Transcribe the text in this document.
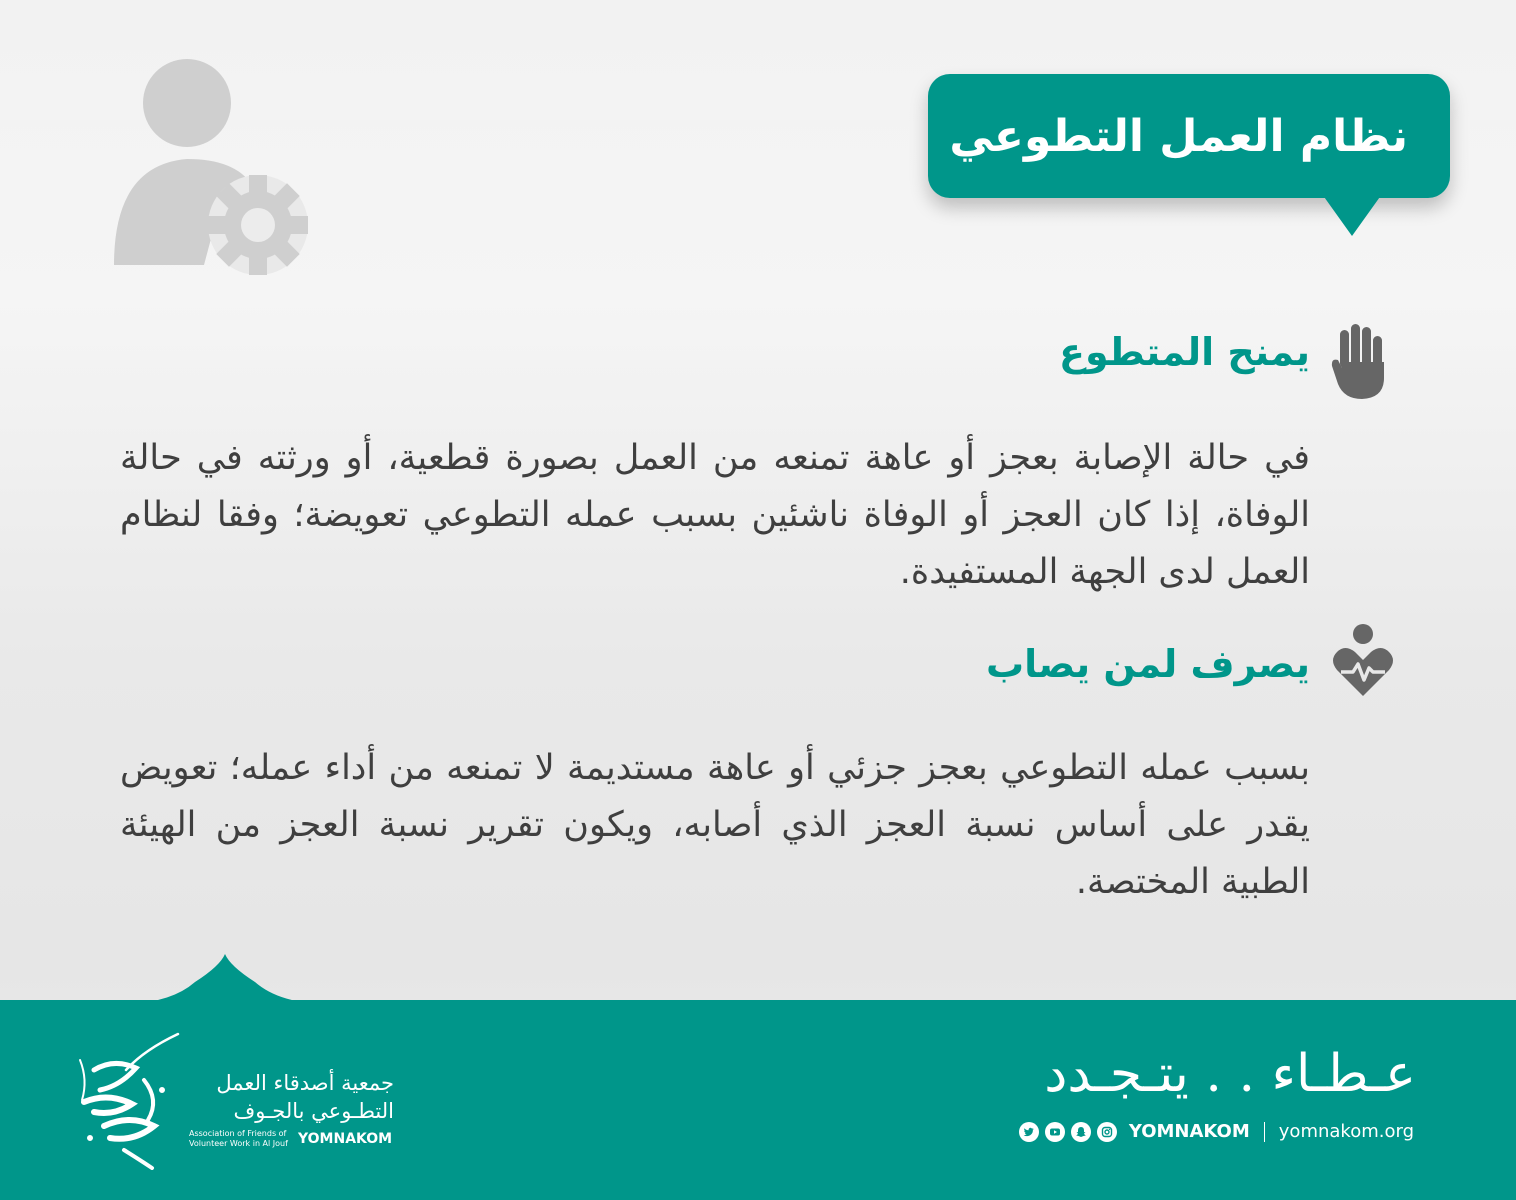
نظام العمل التطوعي
يمنح المتطوع
في حالة الإصابة بعجز أو عاهة تمنعه من العمل بصورة قطعية، أو ورثته في حالة الوفاة، إذا كان العجز أو الوفاة ناشئين بسبب عمله التطوعي تعويضة؛ وفقا لنظام العمل لدى الجهة المستفيدة.
يصرف لمن يصاب
بسبب عمله التطوعي بعجز جزئي أو عاهة مستديمة لا تمنعه من أداء عمله؛ تعويض يقدر على أساس نسبة العجز الذي أصابه، ويكون تقرير نسبة العجز من الهيئة الطبية المختصة.
جمعية أصدقاء العمل
التطـوعي بالجـوف
Association of Friends of
Volunteer Work in Al Jouf YOMNAKOM
عـطـاء . . يتـجـدد
YOMNAKOM yomnakom.org
